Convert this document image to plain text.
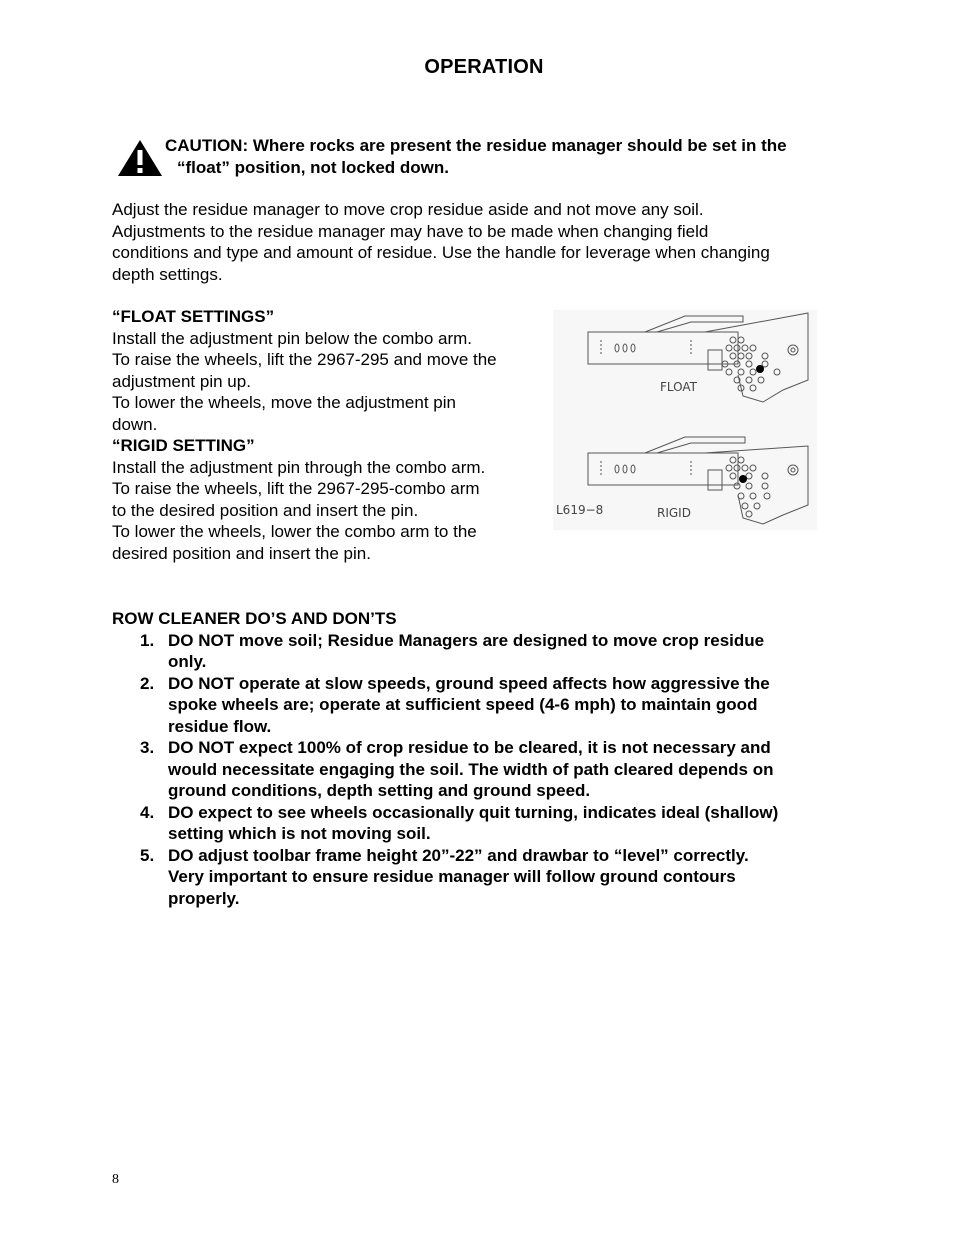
OPERATION
CAUTION: Where rocks are present the residue manager should be set in the
“float” position, not locked down.
Adjust the residue manager to move crop residue aside and not move any soil.
Adjustments to the residue manager may have to be made when changing field
conditions and type and amount of residue. Use the handle for leverage when changing
depth settings.
“FLOAT SETTINGS”
Install the adjustment pin below the combo arm.
To raise the wheels, lift the 2967-295 and move the
adjustment pin up.
To lower the wheels, move the adjustment pin
down.
“RIGID SETTING”
Install the adjustment pin through the combo arm.
To raise the wheels, lift the 2967-295-combo arm
to the desired position and insert the pin.
To lower the wheels, lower the combo arm to the
desired position and insert the pin.
FLOAT
L619−8	RIGID
ROW CLEANER DO’S AND DON’TS
1. DO NOT move soil; Residue Managers are designed to move crop residue
only.
2. DO NOT operate at slow speeds, ground speed affects how aggressive the
spoke wheels are; operate at sufficient speed (4-6 mph) to maintain good
residue flow.
3. DO NOT expect 100% of crop residue to be cleared, it is not necessary and
would necessitate engaging the soil. The width of path cleared depends on
ground conditions, depth setting and ground speed.
4. DO expect to see wheels occasionally quit turning, indicates ideal (shallow)
setting which is not moving soil.
5. DO adjust toolbar frame height 20”-22” and drawbar to “level” correctly.
Very important to ensure residue manager will follow ground contours
properly.
8
